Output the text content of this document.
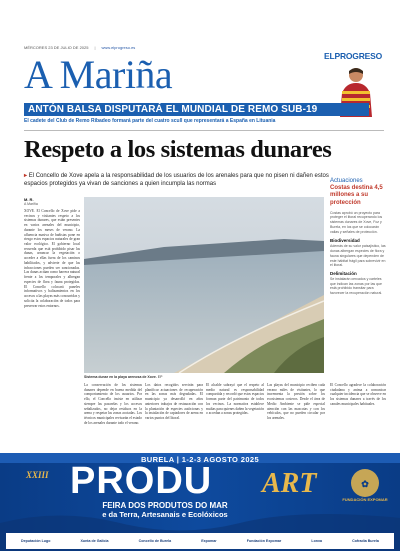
MÉRCORES 23 DE JULIO DE 2025 | www.elprogreso.es
A Mariña	ELPROGRESO
ANTÓN BALSA DISPUTARÁ EL MUNDIAL DE REMO SUB-19
El cadete del Club de Remo Ribadeo formará parte del cuatro scull que representará a España en Lituania
Respeto a los sistemas dunares

▸ El Concello de Xove apela a la responsabilidad de los usuarios de los arenales para que no pisen ni dañen estos espacios protegidos ya vivan de sanciones a quien incumpla las normas

M. R.
A Mariña
XOVE. El Concello de Xove pide a vecinos y visitantes respeto a los sistemas dunares, que están presentes en varios arenales del municipio, durante los meses de verano. La afluencia masiva de bañistas pone en riesgo estos espacios naturales de gran valor ecológico. El gobierno local recuerda que está prohibido pisar las dunas, arrancar la vegetación o acceder a ellas fuera de los caminos habilitados, y advierte de que las infracciones pueden ser sancionadas. Las dunas actúan como barrera natural frente a los temporales y albergan especies de flora y fauna protegidas. El Concello colocará paneles informativos y balizamientos en los accesos a las playas más concurridas y solicita la colaboración de todos para preservar estos entornos.
Sistema dunar en la playa arenosa de Xove. EP
La conservación de los sistemas dunares depende en buena medida del comportamiento de los usuarios. Por ello, el Concello insiste en utilizar siempre las pasarelas y los accesos señalizados, no dejar residuos en la arena y respetar las zonas acotadas. Los técnicos municipales revisarán el estado de los arenales durante todo el verano.
Los datos recogidos servirán para planificar actuaciones de recuperación en las zonas más degradadas. El municipio ya desarrolló en años anteriores trabajos de restauración con la plantación de especies autóctonas y la instalación de captadores de arena en varios puntos del litoral.
El alcalde subrayó que el respeto al medio natural es responsabilidad compartida y recordó que estos espacios forman parte del patrimonio de todos los vecinos. La normativa establece multas para quienes dañen la vegetación o accedan a zonas protegidas.
Las playas del municipio reciben cada verano miles de visitantes, lo que incrementa la presión sobre los ecosistemas costeros. Desde el área de Medio Ambiente se pide especial atención con las mascotas y con los vehículos, que no pueden circular por los arenales.
El Concello agradece la colaboración ciudadana y anima a comunicar cualquier incidencia que se observe en los sistemas dunares a través de los canales municipales habituales.
Actuaciones
Costas destina 4,5 millones a su protección
Costas aprobó un proyecto para proteger el litoral recuperando los sistemas dunares de Xove, Foz y Burela, en los que se colocarán vallas y señales de protección.
Biodiversidad
Además de su valor paisajístico, las dunas albergan especies de flora y fauna singulares que dependen de este hábitat frágil para sobrevivir en el litoral.
Delimitación
Se instalarán cercados y carteles que indican las zonas por las que está prohibido transitar para favorecer la recuperación natural.
✿
BURELA | 1-2-3 AGOSTO 2025
XXIII PRODU ART
FEIRA DOS PRODUTOS DO MAR
e da Terra, Artesanais e Ecolóxicos
FUNDACIÓN EXPOMAR
Deputación Lugo	Xunta de Galicia	Concello de Burela	Expomar	Fundación Expomar	Lonxa	Cofradía Burela
